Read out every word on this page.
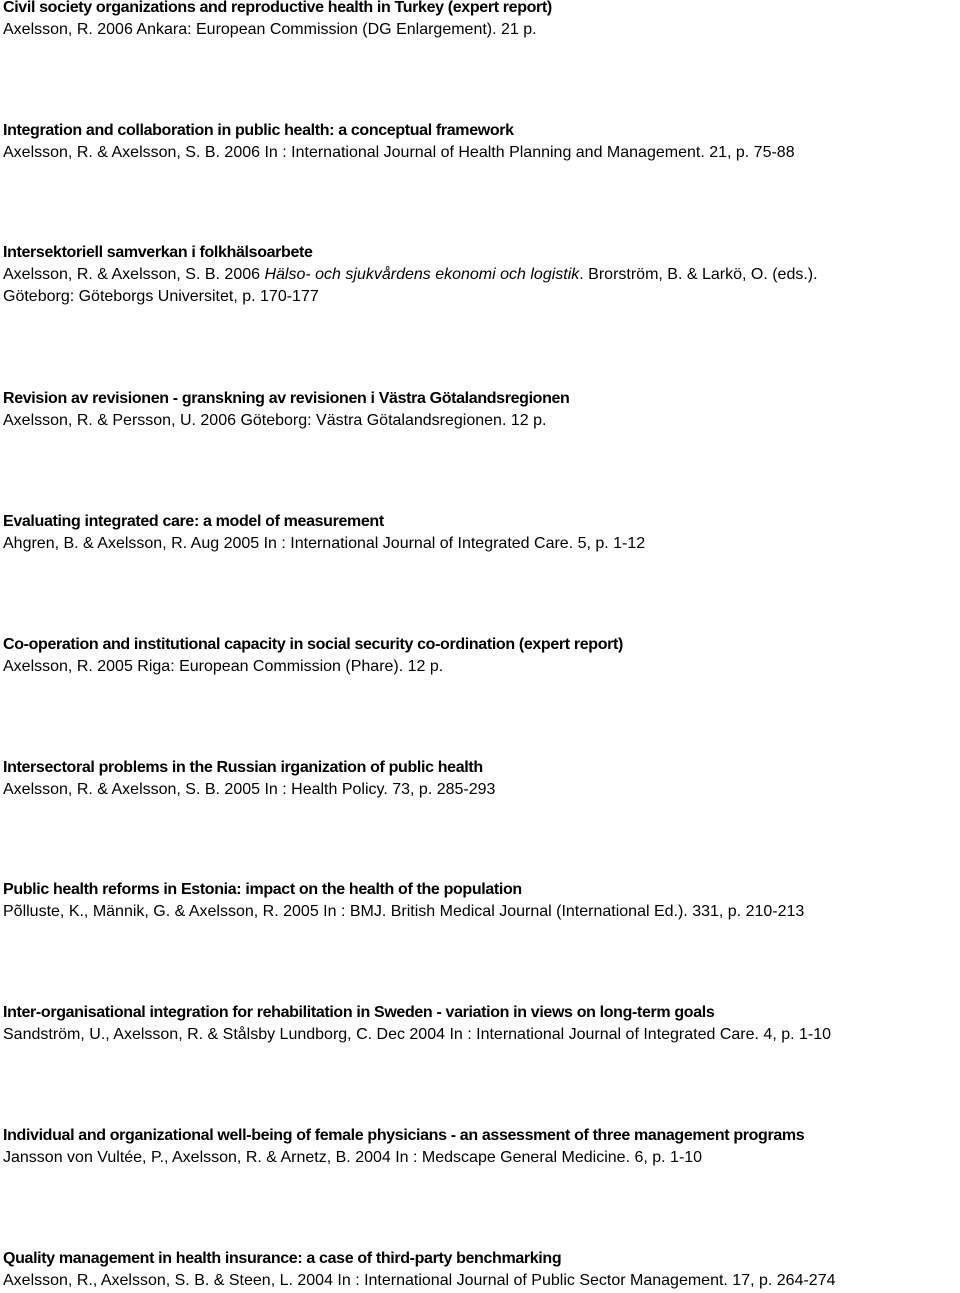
Civil society organizations and reproductive health in Turkey (expert report)
Axelsson, R. 2006 Ankara: European Commission (DG Enlargement). 21 p.
Integration and collaboration in public health: a conceptual framework
Axelsson, R. & Axelsson, S. B. 2006 In : International Journal of Health Planning and Management. 21, p. 75-88
Intersektoriell samverkan i folkhälsoarbete
Axelsson, R. & Axelsson, S. B. 2006 Hälso- och sjukvårdens ekonomi och logistik. Brorström, B. & Larkö, O. (eds.).
Göteborg: Göteborgs Universitet, p. 170-177
Revision av revisionen - granskning av revisionen i Västra Götalandsregionen
Axelsson, R. & Persson, U. 2006 Göteborg: Västra Götalandsregionen. 12 p.
Evaluating integrated care: a model of measurement
Ahgren, B. & Axelsson, R. Aug 2005 In : International Journal of Integrated Care. 5, p. 1-12
Co-operation and institutional capacity in social security co-ordination (expert report)
Axelsson, R. 2005 Riga: European Commission (Phare). 12 p.
Intersectoral problems in the Russian irganization of public health
Axelsson, R. & Axelsson, S. B. 2005 In : Health Policy. 73, p. 285-293
Public health reforms in Estonia: impact on the health of the population
Põlluste, K., Männik, G. & Axelsson, R. 2005 In : BMJ. British Medical Journal (International Ed.). 331, p. 210-213
Inter-organisational integration for rehabilitation in Sweden - variation in views on long-term goals
Sandström, U., Axelsson, R. & Stålsby Lundborg, C. Dec 2004 In : International Journal of Integrated Care. 4, p. 1-10
Individual and organizational well-being of female physicians - an assessment of three management programs
Jansson von Vultée, P., Axelsson, R. & Arnetz, B. 2004 In : Medscape General Medicine. 6, p. 1-10
Quality management in health insurance: a case of third-party benchmarking
Axelsson, R., Axelsson, S. B. & Steen, L. 2004 In : International Journal of Public Sector Management. 17, p. 264-274
